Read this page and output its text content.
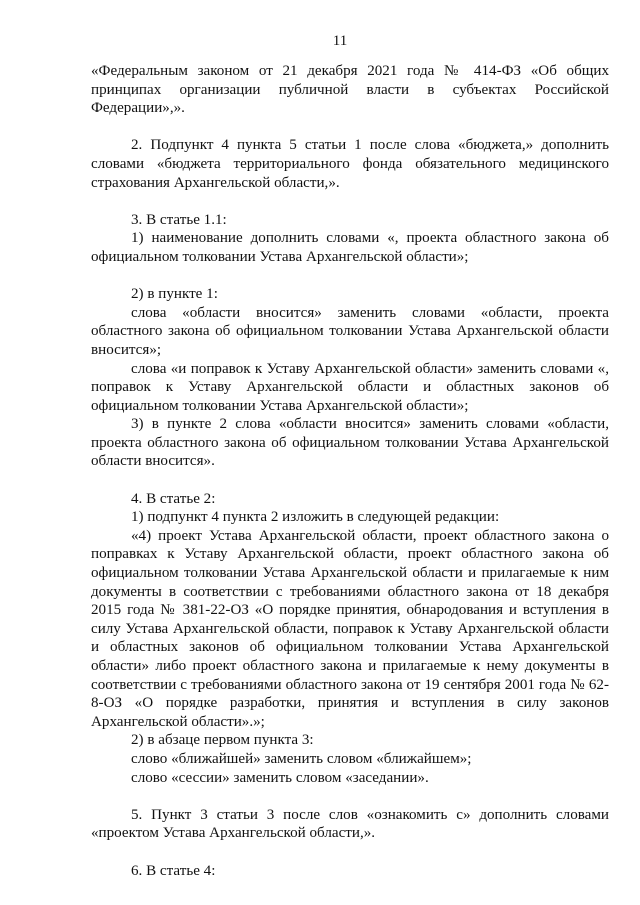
11

«Федеральным законом от 21 декабря 2021 года № 414-ФЗ «Об общих принципах организации публичной власти в субъектах Российской Федерации»,».

2. Подпункт 4 пункта 5 статьи 1 после слова «бюджета,» дополнить словами «бюджета территориального фонда обязательного медицинского страхования Архангельской области,».

3. В статье 1.1:

1) наименование дополнить словами «, проекта областного закона об официальном толковании Устава Архангельской области»;

2) в пункте 1:

слова «области вносится» заменить словами «области, проекта областного закона об официальном толковании Устава Архангельской области вносится»;

слова «и поправок к Уставу Архангельской области» заменить словами «, поправок к Уставу Архангельской области и областных законов об официальном толковании Устава Архангельской области»;

3) в пункте 2 слова «области вносится» заменить словами «области, проекта областного закона об официальном толковании Устава Архангельской области вносится».

4. В статье 2:

1) подпункт 4 пункта 2 изложить в следующей редакции:

«4) проект Устава Архангельской области, проект областного закона о поправках к Уставу Архангельской области, проект областного закона об официальном толковании Устава Архангельской области и прилагаемые к ним документы в соответствии с требованиями областного закона от 18 декабря 2015 года № 381-22-ОЗ «О порядке принятия, обнародования и вступления в силу Устава Архангельской области, поправок к Уставу Архангельской области и областных законов об официальном толковании Устава Архангельской области» либо проект областного закона и прилагаемые к нему документы в соответствии с требованиями областного закона от 19 сентября 2001 года № 62-8-ОЗ «О порядке разработки, принятия и вступления в силу законов Архангельской области».»;

2) в абзаце первом пункта 3:

слово «ближайшей» заменить словом «ближайшем»;

слово «сессии» заменить словом «заседании».

5. Пункт 3 статьи 3 после слов «ознакомить с» дополнить словами «проектом Устава Архангельской области,».

6. В статье 4:
